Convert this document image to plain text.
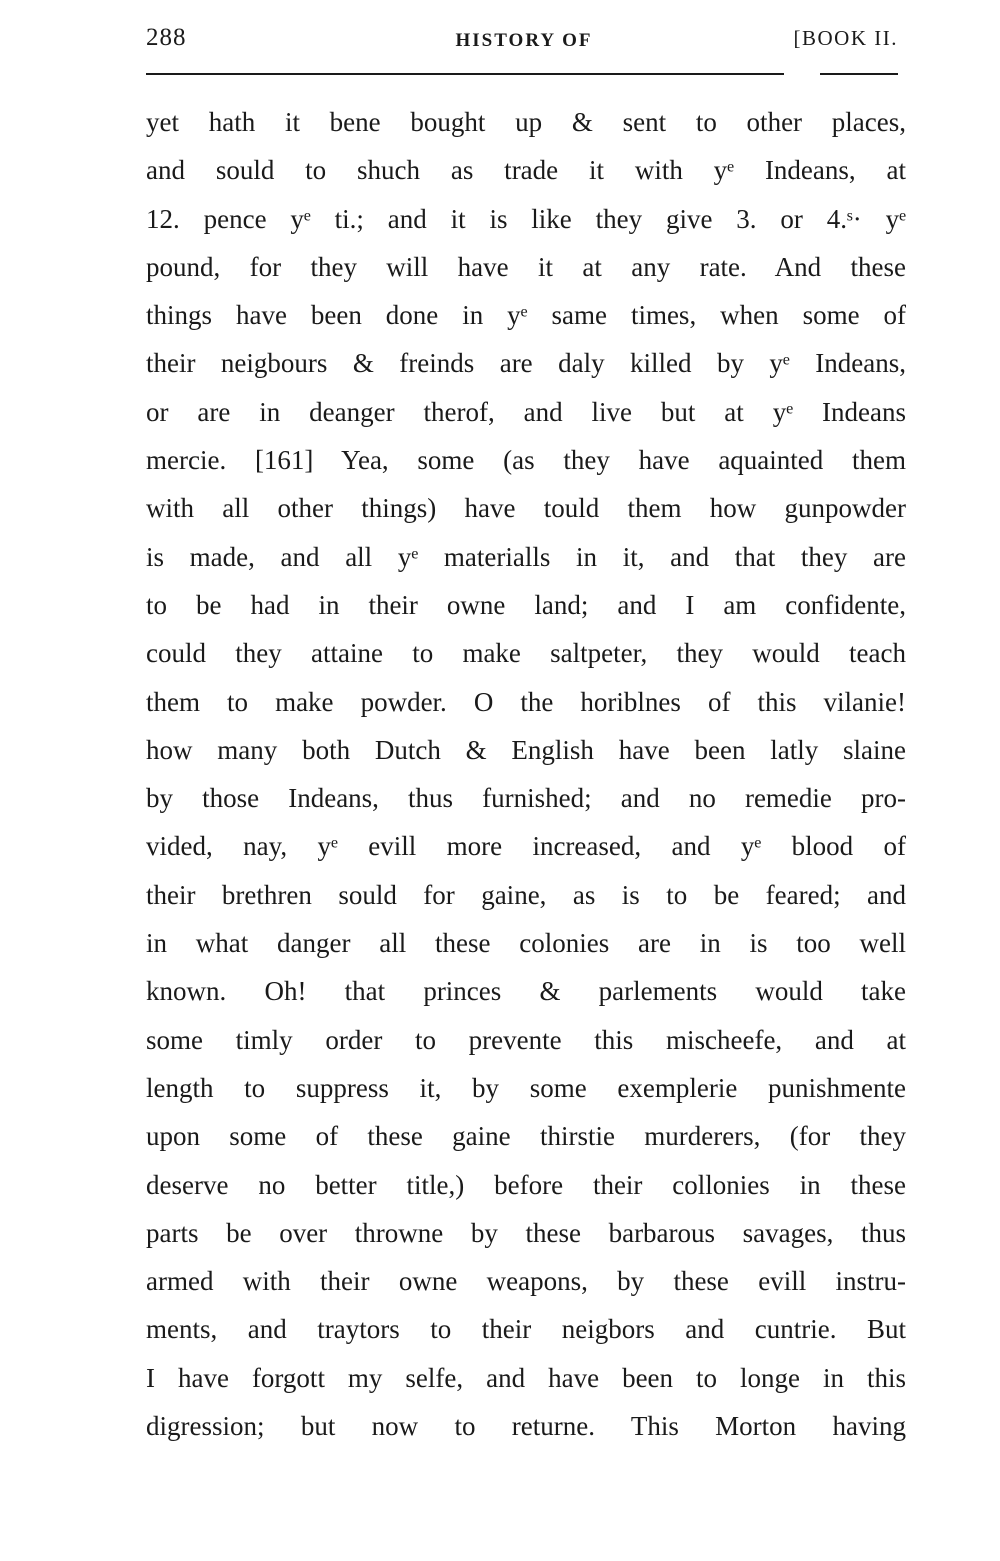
288	HISTORY OF	[BOOK II.
yet hath it bene bought up & sent to other places,
and sould to shuch as trade it with yᵉ Indeans, at
12. pence yᵉ ti.; and it is like they give 3. or 4.ˢ· yᵉ
pound, for they will have it at any rate. And these
things have been done in yᵉ same times, when some of
their neigbours & freinds are daly killed by yᵉ Indeans,
or are in deanger therof, and live but at yᵉ Indeans
mercie. [161] Yea, some (as they have aquainted them
with all other things) have tould them how gunpowder
is made, and all yᵉ materialls in it, and that they are
to be had in their owne land; and I am confidente,
could they attaine to make saltpeter, they would teach
them to make powder. O the horiblnes of this vilanie!
how many both Dutch & English have been latly slaine
by those Indeans, thus furnished; and no remedie pro-
vided, nay, yᵉ evill more increased, and yᵉ blood of
their brethren sould for gaine, as is to be feared; and
in what danger all these colonies are in is too well
known. Oh! that princes & parlements would take
some timly order to prevente this mischeefe, and at
length to suppress it, by some exemplerie punishmente
upon some of these gaine thirstie murderers, (for they
deserve no better title,) before their collonies in these
parts be over throwne by these barbarous savages, thus
armed with their owne weapons, by these evill instru-
ments, and traytors to their neigbors and cuntrie. But
I have forgott my selfe, and have been to longe in this
digression; but now to returne. This Morton having
